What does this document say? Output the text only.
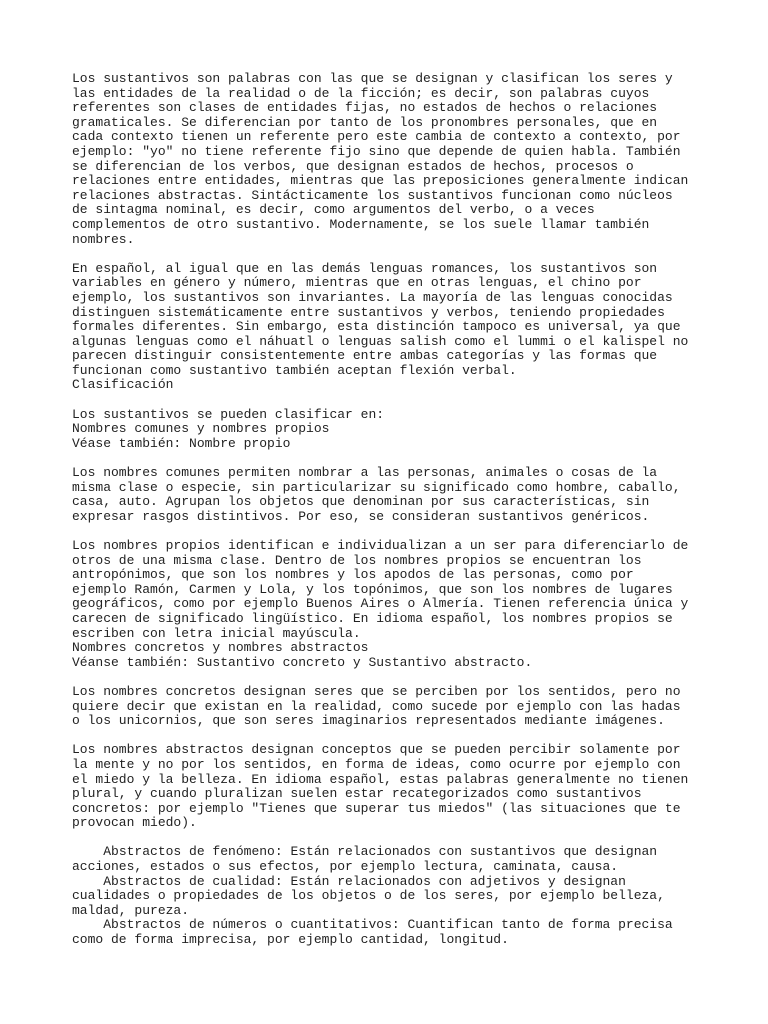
Los sustantivos son palabras con las que se designan y clasifican los seres y las entidades de la realidad o de la ficción; es decir, son palabras cuyos referentes son clases de entidades fijas, no estados de hechos o relaciones gramaticales. Se diferencian por tanto de los pronombres personales, que en cada contexto tienen un referente pero este cambia de contexto a contexto, por ejemplo: "yo" no tiene referente fijo sino que depende de quien habla. También se diferencian de los verbos, que designan estados de hechos, procesos o relaciones entre entidades, mientras que las preposiciones generalmente indican relaciones abstractas. Sintácticamente los sustantivos funcionan como núcleos de sintagma nominal, es decir, como argumentos del verbo, o a veces complementos de otro sustantivo. Modernamente, se los suele llamar también nombres.

En español, al igual que en las demás lenguas romances, los sustantivos son variables en género y número, mientras que en otras lenguas, el chino por ejemplo, los sustantivos son invariantes. La mayoría de las lenguas conocidas distinguen sistemáticamente entre sustantivos y verbos, teniendo propiedades formales diferentes. Sin embargo, esta distinción tampoco es universal, ya que algunas lenguas como el náhuatl o lenguas salish como el lummi o el kalispel no parecen distinguir consistentemente entre ambas categorías y las formas que funcionan como sustantivo también aceptan flexión verbal.
Clasificación

Los sustantivos se pueden clasificar en:
Nombres comunes y nombres propios
Véase también: Nombre propio

Los nombres comunes permiten nombrar a las personas, animales o cosas de la misma clase o especie, sin particularizar su significado como hombre, caballo, casa, auto. Agrupan los objetos que denominan por sus características, sin expresar rasgos distintivos. Por eso, se consideran sustantivos genéricos.

Los nombres propios identifican e individualizan a un ser para diferenciarlo de otros de una misma clase. Dentro de los nombres propios se encuentran los antropónimos, que son los nombres y los apodos de las personas, como por ejemplo Ramón, Carmen y Lola, y los topónimos, que son los nombres de lugares geográficos, como por ejemplo Buenos Aires o Almería. Tienen referencia única y carecen de significado lingüístico. En idioma español, los nombres propios se escriben con letra inicial mayúscula.
Nombres concretos y nombres abstractos
Véanse también: Sustantivo concreto y Sustantivo abstracto.

Los nombres concretos designan seres que se perciben por los sentidos, pero no quiere decir que existan en la realidad, como sucede por ejemplo con las hadas o los unicornios, que son seres imaginarios representados mediante imágenes.

Los nombres abstractos designan conceptos que se pueden percibir solamente por la mente y no por los sentidos, en forma de ideas, como ocurre por ejemplo con el miedo y la belleza. En idioma español, estas palabras generalmente no tienen plural, y cuando pluralizan suelen estar recategorizados como sustantivos concretos: por ejemplo "Tienes que superar tus miedos" (las situaciones que te provocan miedo).

Abstractos de fenómeno: Están relacionados con sustantivos que designan acciones, estados o sus efectos, por ejemplo lectura, caminata, causa.
Abstractos de cualidad: Están relacionados con adjetivos y designan cualidades o propiedades de los objetos o de los seres, por ejemplo belleza, maldad, pureza.
Abstractos de números o cuantitativos: Cuantifican tanto de forma precisa como de forma imprecisa, por ejemplo cantidad, longitud.
